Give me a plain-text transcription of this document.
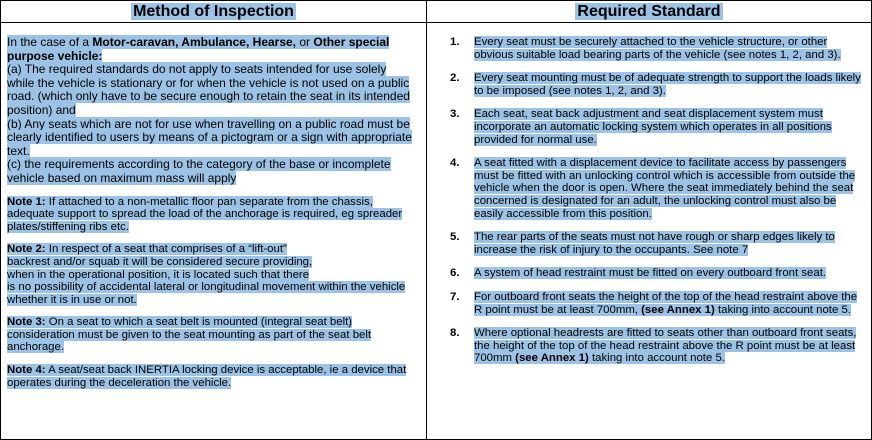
Method of Inspection	Required Standard
In the case of a Motor-caravan, Ambulance, Hearse, or Other special purpose vehicle:
(a) The required standards do not apply to seats intended for use solely while the vehicle is stationary or for when the vehicle is not used on a public road. (which only have to be secure enough to retain the seat in its intended position) and
(b) Any seats which are not for use when travelling on a public road must be clearly identified to users by means of a pictogram or a sign with appropriate text.
(c) the requirements according to the category of the base or incomplete vehicle based on maximum mass will apply
Note 1: If attached to a non-metallic floor pan separate from the chassis, adequate support to spread the load of the anchorage is required, eg spreader plates/stiffening ribs etc.
Note 2: In respect of a seat that comprises of a “lift-out”
backrest and/or squab it will be considered secure providing,
when in the operational position, it is located such that there
is no possibility of accidental lateral or longitudinal movement within the vehicle whether it is in use or not.
Note 3: On a seat to which a seat belt is mounted (integral seat belt) consideration must be given to the seat mounting as part of the seat belt anchorage.
Note 4: A seat/seat back INERTIA locking device is acceptable, ie a device that operates during the deceleration the vehicle.
1. Every seat must be securely attached to the vehicle structure, or other obvious suitable load bearing parts of the vehicle (see notes 1, 2, and 3).
2. Every seat mounting must be of adequate strength to support the loads likely to be imposed (see notes 1, 2, and 3).
3. Each seat, seat back adjustment and seat displacement system must incorporate an automatic locking system which operates in all positions provided for normal use.
4. A seat fitted with a displacement device to facilitate access by passengers must be fitted with an unlocking control which is accessible from outside the vehicle when the door is open. Where the seat immediately behind the seat concerned is designated for an adult, the unlocking control must also be easily accessible from this position.
5. The rear parts of the seats must not have rough or sharp edges likely to increase the risk of injury to the occupants. See note 7
6. A system of head restraint must be fitted on every outboard front seat.
7. For outboard front seats the height of the top of the head restraint above the R point must be at least 700mm, (see Annex 1) taking into account note 5.
8. Where optional headrests are fitted to seats other than outboard front seats, the height of the top of the head restraint above the R point must be at least 700mm (see Annex 1) taking into account note 5.
